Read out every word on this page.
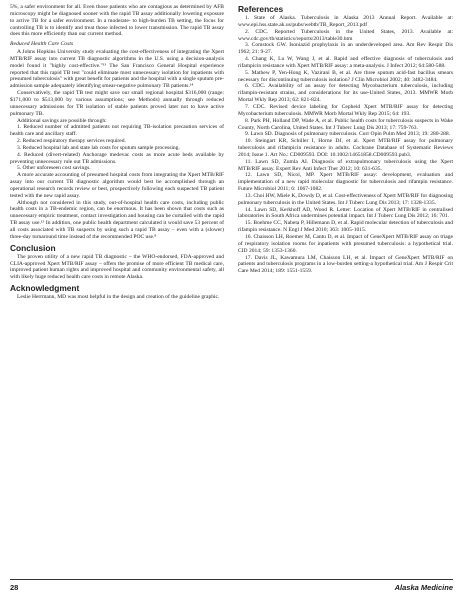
5%, a safer environment for all. Even those patients who are contagious as determined by AFB microscopy might be diagnosed sooner with the rapid TB assay additionally lowering exposure to active TB for a safer environment. In a moderate- to high-burden TB setting, the focus for controlling TB is to identify and treat those infected to lower transmission. The rapid TB assay does this more efficiently than our current method.

Reduced Health Care Costs

A Johns Hopkins University study evaluating the cost-effectiveness of integrating the Xpert MTB/RIF assay into current TB diagnostic algorithms in the U.S. using a decision-analysis model found it "highly cost-effective."¹³ The San Francisco General Hospital experience reported that this rapid TB test "could eliminate most unnecessary isolation for inpatients with presumed tuberculosis" with great benefit for patients and the hospital with a single sputum pre-admission sample adequately identifying smear-negative pulmonary TB patients.¹⁴

Conservatively, the rapid TB test might save our small regional hospital $316,000 (range: $171,000 to $513,000 by various assumptions; see Methods) annually through reduced unnecessary admissions for TB isolation of stable patients proved later not to have active pulmonary TB.

Additional savings are possible through:

1. Reduced number of admitted patients not requiring TB-isolation precaution services of health care and ancillary staff.

2. Reduced respiratory therapy services required.

3. Reduced hospital lab and state lab costs for sputum sample processing.

4. Reduced (divert-related) Anchorage medevac costs as more acute beds available by preventing unnecessary rule out TB admissions.

5. Other unforeseen cost savings.

A more accurate accounting of presumed hospital costs from integrating the Xpert MTB/RIF assay into our current TB diagnostic algorithm would best be accomplished through an operational research records review or best, prospectively following each suspected TB patient tested with the new rapid assay.

Although not considered in this study, out-of-hospital health care costs, including public health costs in a TB-endemic region, can be enormous. It has been shown that costs such as unnecessary empiric treatment, contact investigation and housing can be curtailed with the rapid TB assay use.¹⁵ In addition, one public health department calculated it would save 53 percent of all costs associated with TB suspects by using such a rapid TB assay – even with a (slower) three-day turnaround time instead of the recommended POC use.⁸

Conclusion

The proven utility of a new rapid TB diagnostic – the WHO-endorsed, FDA-approved and CLIA-approved Xpert MTB/RIF assay – offers the promise of more efficient TB medical care, improved patient human rights and improved hospital and community environmental safety, all with likely huge reduced health care costs in remote Alaska.

Acknowledgment

Leslie Herrmann, MD was most helpful in the design and creation of the guideline graphic.

References

1. State of Alaska. Tuberculosis in Alaska 2013 Annual Report. Available at: www.epi.hss.state.ak.us/pubs/webtb/TB_Report_2013.pdf

2. CDC. Reported Tuberculosis in the United States, 2013. Available at: www.cdc.gov/tb/statistics/reports/2013/table30.htm

3. Comstock GW. Isoniazid prophylaxis in an underdeveloped area. Am Rev Respir Dis 1962; 21: 9-27.

4. Chang K, Lu W, Wang J, et al. Rapid and effective diagnosis of tuberculosis and rifampicin resistance with Xpert MTB/RIF assay: a meta-analysis. J Infect 2012; 64:580-588.

5. Mathew P, Yen-Hong K, Vazirani B, et al. Are three sputum acid-fast bacillus smears necessary for discontinuing tuberculosis isolation? J Clin Microbiol 2002; 40: 3482-3484.

6. CDC. Availability of an assay for detecting Mycobacterium tuberculosis, including rifampin-resistant strains, and considerations for its use-United States, 2013. MMWR Morb Mortal Wkly Rep 2013; 62: 821-824.

7. CDC. Revised device labeling for Cepheid Xpert MTB/RIF assay for detecting Mycobacterium tuberculosis. MMWR Morb Mortal Wkly Rep 2015; 64: 193.

8. Park PH, Holland DP, Wade A, et al. Public health costs for tuberculosis suspects in Wake County, North Carolina, United States. Int J Tuberc Lung Dis 2013; 17: 759-763.

9. Lawn SD. Diagnosis of pulmonary tuberculosis. Curr Opin Pulm Med 2013; 19: 280-288.

10. Steingart KR, Schiller I, Horne DJ, et al. Xpert MTB/RIF assay for pulmonary tuberculosis and rifampicin resistance in adults. Cochrane Database of Systematic Reviews 2014; Issue 1. Art No.: CD009593. DOI: 10.1002/14651858.CD009593.pub3.

11. Lawn SD, Zumla AI. Diagnosis of extrapulmonary tuberculosis using the Xpert MTB/RIF assay. Expert Rev Anti Infect Ther 2012; 10: 631-635.

12. Lawn SD, Nicol, MP. Xpert MTB/RIF assay: development, evaluation and implementation of a new rapid molecular diagnostic for tuberculosis and rifampin resistance. Future Microbiol 2011; 6: 1067-1082.

13. Choi HW, Miele K, Dowdy D, et al. Cost-effectiveness of Xpert MTB/RIF for diagnosing pulmonary tuberculosis in the United States. Int J Tuberc Lung Dis 2013; 17: 1328-1335.

14. Lawn SD, Kerkhoff AD, Wood R. Letter: Location of Xpert MTB/RIF in centralised laboratories in South Africa undermines potential impact. Int J Tuberc Lung Dis 2012; 16: 701.

15. Boehme CC, Nabeta P, Hillemann D, et al. Rapid molecular detection of tuberculosis and rifampin resistance. N Engl J Med 2010; 363: 1005-1015.

16. Chaisson LH, Roemer M, Cantu D, et al. Impact of GeneXpert MTB/RIF assay on triage of respiratory isolation rooms for inpatients with presumed tuberculosis: a hypothetical trial. CID 2014; 59: 1353-1360.

17. Davis JL, Kawamura LM, Chaisson LH, et al. Impact of GeneXpert MTB/RIF on patients and tuberculosis programs in a low-burden setting-a hypothetical trial. Am J Respir Crit Care Med 2014; 189: 1551-1559.

28	Alaska Medicine
